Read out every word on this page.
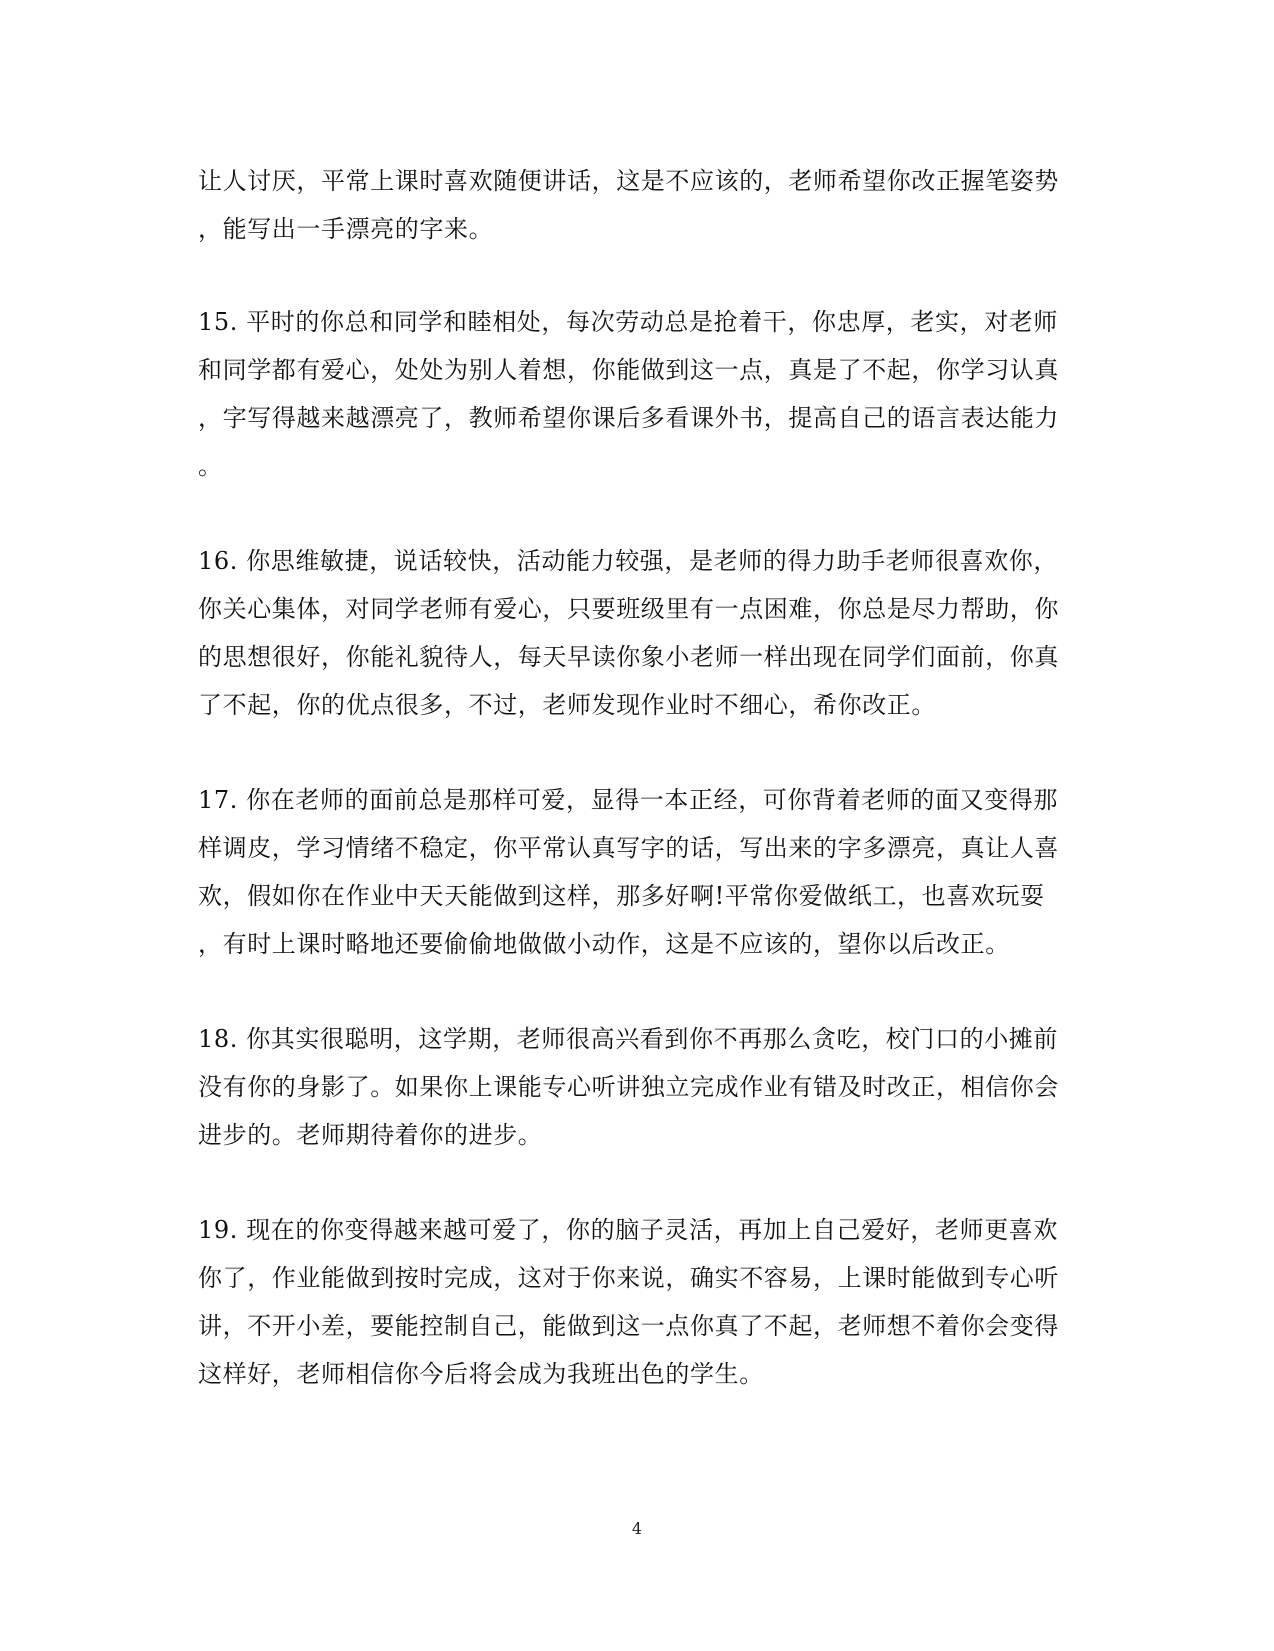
让人讨厌，平常上课时喜欢随便讲话，这是不应该的，老师希望你改正握笔姿势
，能写出一手漂亮的字来。
15. 平时的你总和同学和睦相处，每次劳动总是抢着干，你忠厚，老实，对老师
和同学都有爱心，处处为别人着想，你能做到这一点，真是了不起，你学习认真
，字写得越来越漂亮了，教师希望你课后多看课外书，提高自己的语言表达能力
。
16. 你思维敏捷，说话较快，活动能力较强，是老师的得力助手老师很喜欢你，
你关心集体，对同学老师有爱心，只要班级里有一点困难，你总是尽力帮助，你
的思想很好，你能礼貌待人，每天早读你象小老师一样出现在同学们面前，你真
了不起，你的优点很多，不过，老师发现作业时不细心，希你改正。
17. 你在老师的面前总是那样可爱，显得一本正经，可你背着老师的面又变得那
样调皮，学习情绪不稳定，你平常认真写字的话，写出来的字多漂亮，真让人喜
欢，假如你在作业中天天能做到这样，那多好啊!平常你爱做纸工，也喜欢玩耍
，有时上课时略地还要偷偷地做做小动作，这是不应该的，望你以后改正。
18. 你其实很聪明，这学期，老师很高兴看到你不再那么贪吃，校门口的小摊前
没有你的身影了。如果你上课能专心听讲独立完成作业有错及时改正，相信你会
进步的。老师期待着你的进步。
19. 现在的你变得越来越可爱了，你的脑子灵活，再加上自己爱好，老师更喜欢
你了，作业能做到按时完成，这对于你来说，确实不容易，上课时能做到专心听
讲，不开小差，要能控制自己，能做到这一点你真了不起，老师想不着你会变得
这样好，老师相信你今后将会成为我班出色的学生。
4
